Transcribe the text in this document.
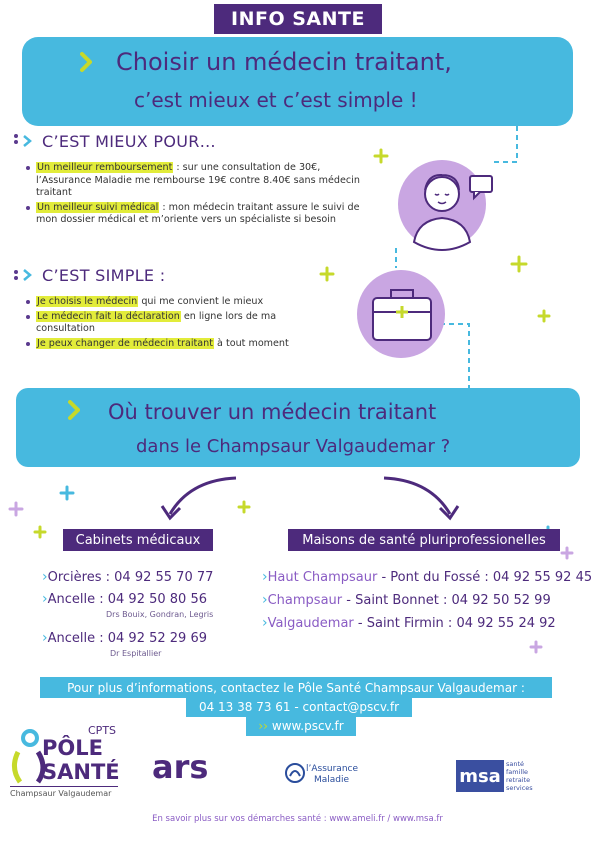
INFO SANTE
Choisir un médecin traitant,
c’est mieux et c’est simple !
C’EST MIEUX POUR…
Un meilleur remboursement : sur une consultation de 30€, l’Assurance Maladie me rembourse 19€ contre 8.40€ sans médecin traitant
Un meilleur suivi médical : mon médecin traitant assure le suivi de mon dossier médical et m’oriente vers un spécialiste si besoin
C’EST SIMPLE :
Je choisis le médecin qui me convient le mieux
Le médecin fait la déclaration en ligne lors de ma consultation
Je peux changer de médecin traitant à tout moment
Où trouver un médecin traitant
dans le Champsaur Valgaudemar ?
Cabinets médicaux
›Orcières : 04 92 55 70 77
›Ancelle : 04 92 50 80 56
Drs Bouix, Gondran, Legris
›Ancelle : 04 92 52 29 69
Dr Espitallier
Maisons de santé pluriprofessionelles
›Haut Champsaur - Pont du Fossé : 04 92 55 92 45
›Champsaur - Saint Bonnet : 04 92 50 52 99
›Valgaudemar - Saint Firmin : 04 92 55 24 92
Pour plus d’informations, contactez le Pôle Santé Champsaur Valgaudemar :
04 13 38 73 61 - contact@pscv.fr
›› www.pscv.fr
CPTS
PÔLE
SANTÉ
Champsaur Valgaudemar
ars	l’Assurance
Maladie	msa
santé
famille
retraite
services
En savoir plus sur vos démarches santé : www.ameli.fr / www.msa.fr
